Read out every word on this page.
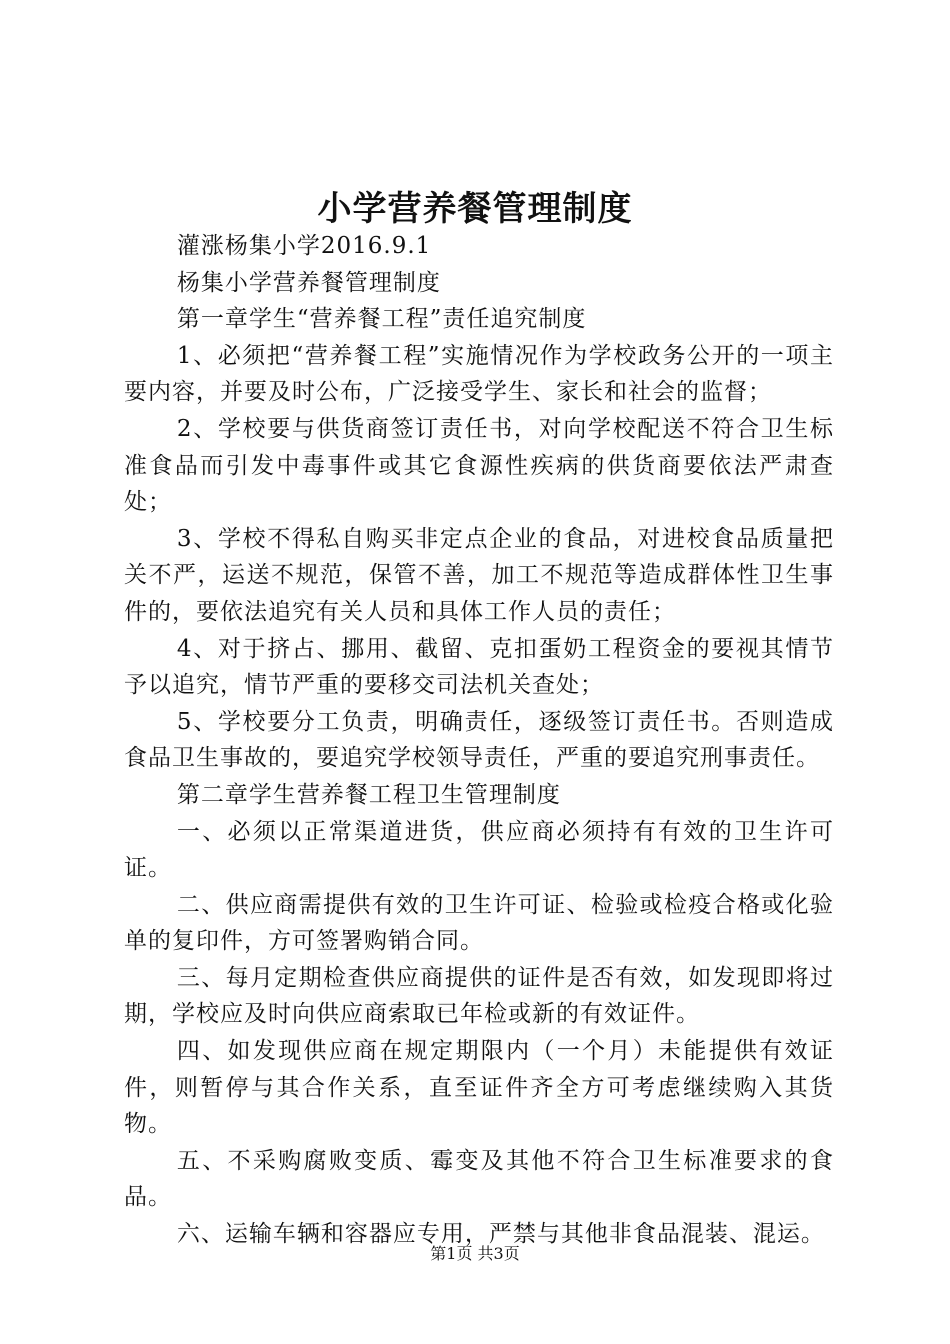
小学营养餐管理制度

灌涨杨集小学2016.9.1

杨集小学营养餐管理制度

第一章学生“营养餐工程”责任追究制度

1、必须把“营养餐工程”实施情况作为学校政务公开的一项主要内容，并要及时公布，广泛接受学生、家长和社会的监督；

2、学校要与供货商签订责任书，对向学校配送不符合卫生标准食品而引发中毒事件或其它食源性疾病的供货商要依法严肃查处；

3、学校不得私自购买非定点企业的食品，对进校食品质量把关不严，运送不规范，保管不善，加工不规范等造成群体性卫生事件的，要依法追究有关人员和具体工作人员的责任；

4、对于挤占、挪用、截留、克扣蛋奶工程资金的要视其情节予以追究，情节严重的要移交司法机关查处；

5、学校要分工负责，明确责任，逐级签订责任书。否则造成食品卫生事故的，要追究学校领导责任，严重的要追究刑事责任。

第二章学生营养餐工程卫生管理制度

一、必须以正常渠道进货，供应商必须持有有效的卫生许可证。

二、供应商需提供有效的卫生许可证、检验或检疫合格或化验单的复印件，方可签署购销合同。

三、每月定期检查供应商提供的证件是否有效，如发现即将过期，学校应及时向供应商索取已年检或新的有效证件。

四、如发现供应商在规定期限内（一个月）未能提供有效证件，则暂停与其合作关系，直至证件齐全方可考虑继续购入其货物。

五、不采购腐败变质、霉变及其他不符合卫生标准要求的食品。

六、运输车辆和容器应专用，严禁与其他非食品混装、混运。

第1页 共3页
